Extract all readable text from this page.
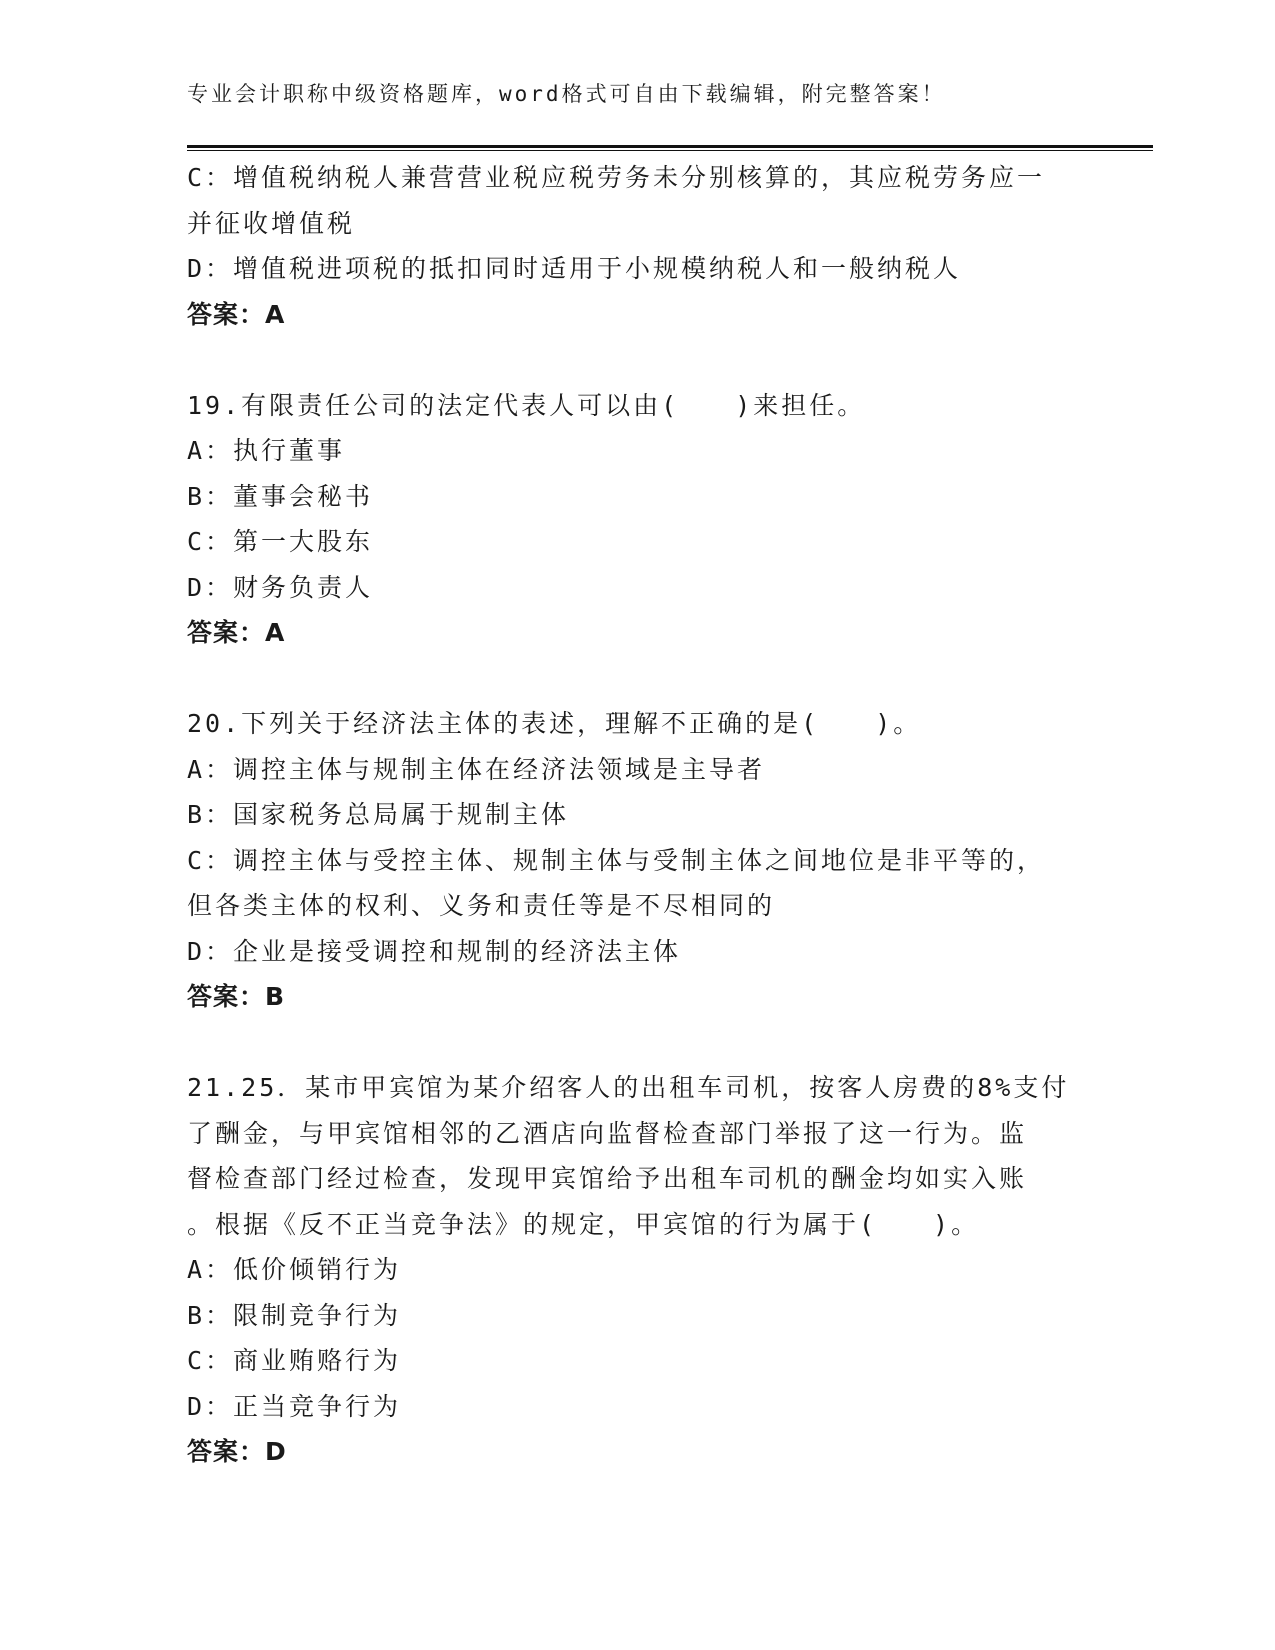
专业会计职称中级资格题库，word格式可自由下载编辑，附完整答案！
C：增值税纳税人兼营营业税应税劳务未分别核算的，其应税劳务应一
并征收增值税
D：增值税进项税的抵扣同时适用于小规模纳税人和一般纳税人
答案：A
19.有限责任公司的法定代表人可以由(　　)来担任。
A：执行董事
B：董事会秘书
C：第一大股东
D：财务负责人
答案：A
20.下列关于经济法主体的表述，理解不正确的是(　　)。
A：调控主体与规制主体在经济法领域是主导者
B：国家税务总局属于规制主体
C：调控主体与受控主体、规制主体与受制主体之间地位是非平等的，
但各类主体的权利、义务和责任等是不尽相同的
D：企业是接受调控和规制的经济法主体
答案：B
21.25．某市甲宾馆为某介绍客人的出租车司机，按客人房费的8%支付
了酬金，与甲宾馆相邻的乙酒店向监督检查部门举报了这一行为。监
督检查部门经过检查，发现甲宾馆给予出租车司机的酬金均如实入账
。根据《反不正当竞争法》的规定，甲宾馆的行为属于(　　)。
A：低价倾销行为
B：限制竞争行为
C：商业贿赂行为
D：正当竞争行为
答案：D
